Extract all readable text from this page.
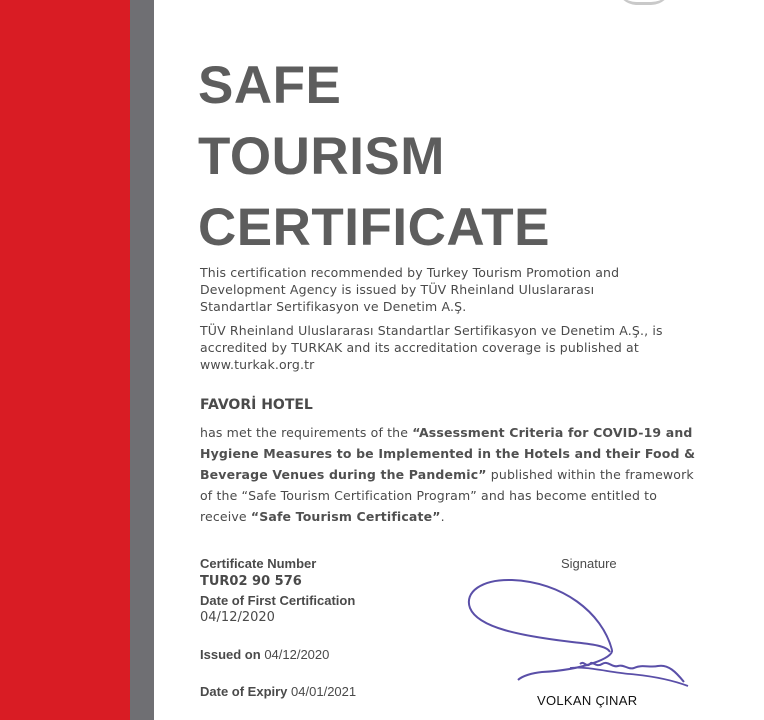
SAFE
TOURISM
CERTIFICATE

This certification recommended by Turkey Tourism Promotion and Development Agency is issued by TÜV Rheinland Uluslararası Standartlar Sertifikasyon ve Denetim A.Ş.

TÜV Rheinland Uluslararası Standartlar Sertifikasyon ve Denetim A.Ş., is accredited by TURKAK and its accreditation coverage is published at www.turkak.org.tr

FAVORİ HOTEL

has met the requirements of the “Assessment Criteria for COVID-19 and Hygiene Measures to be Implemented in the Hotels and their Food & Beverage Venues during the Pandemic” published within the framework of the “Safe Tourism Certification Program” and has become entitled to receive “Safe Tourism Certificate”.

Certificate Number
TUR02 90 576
Date of First Certification
04/12/2020
Issued on 04/12/2020
Date of Expiry 04/01/2021
Signature
VOLKAN ÇINAR
